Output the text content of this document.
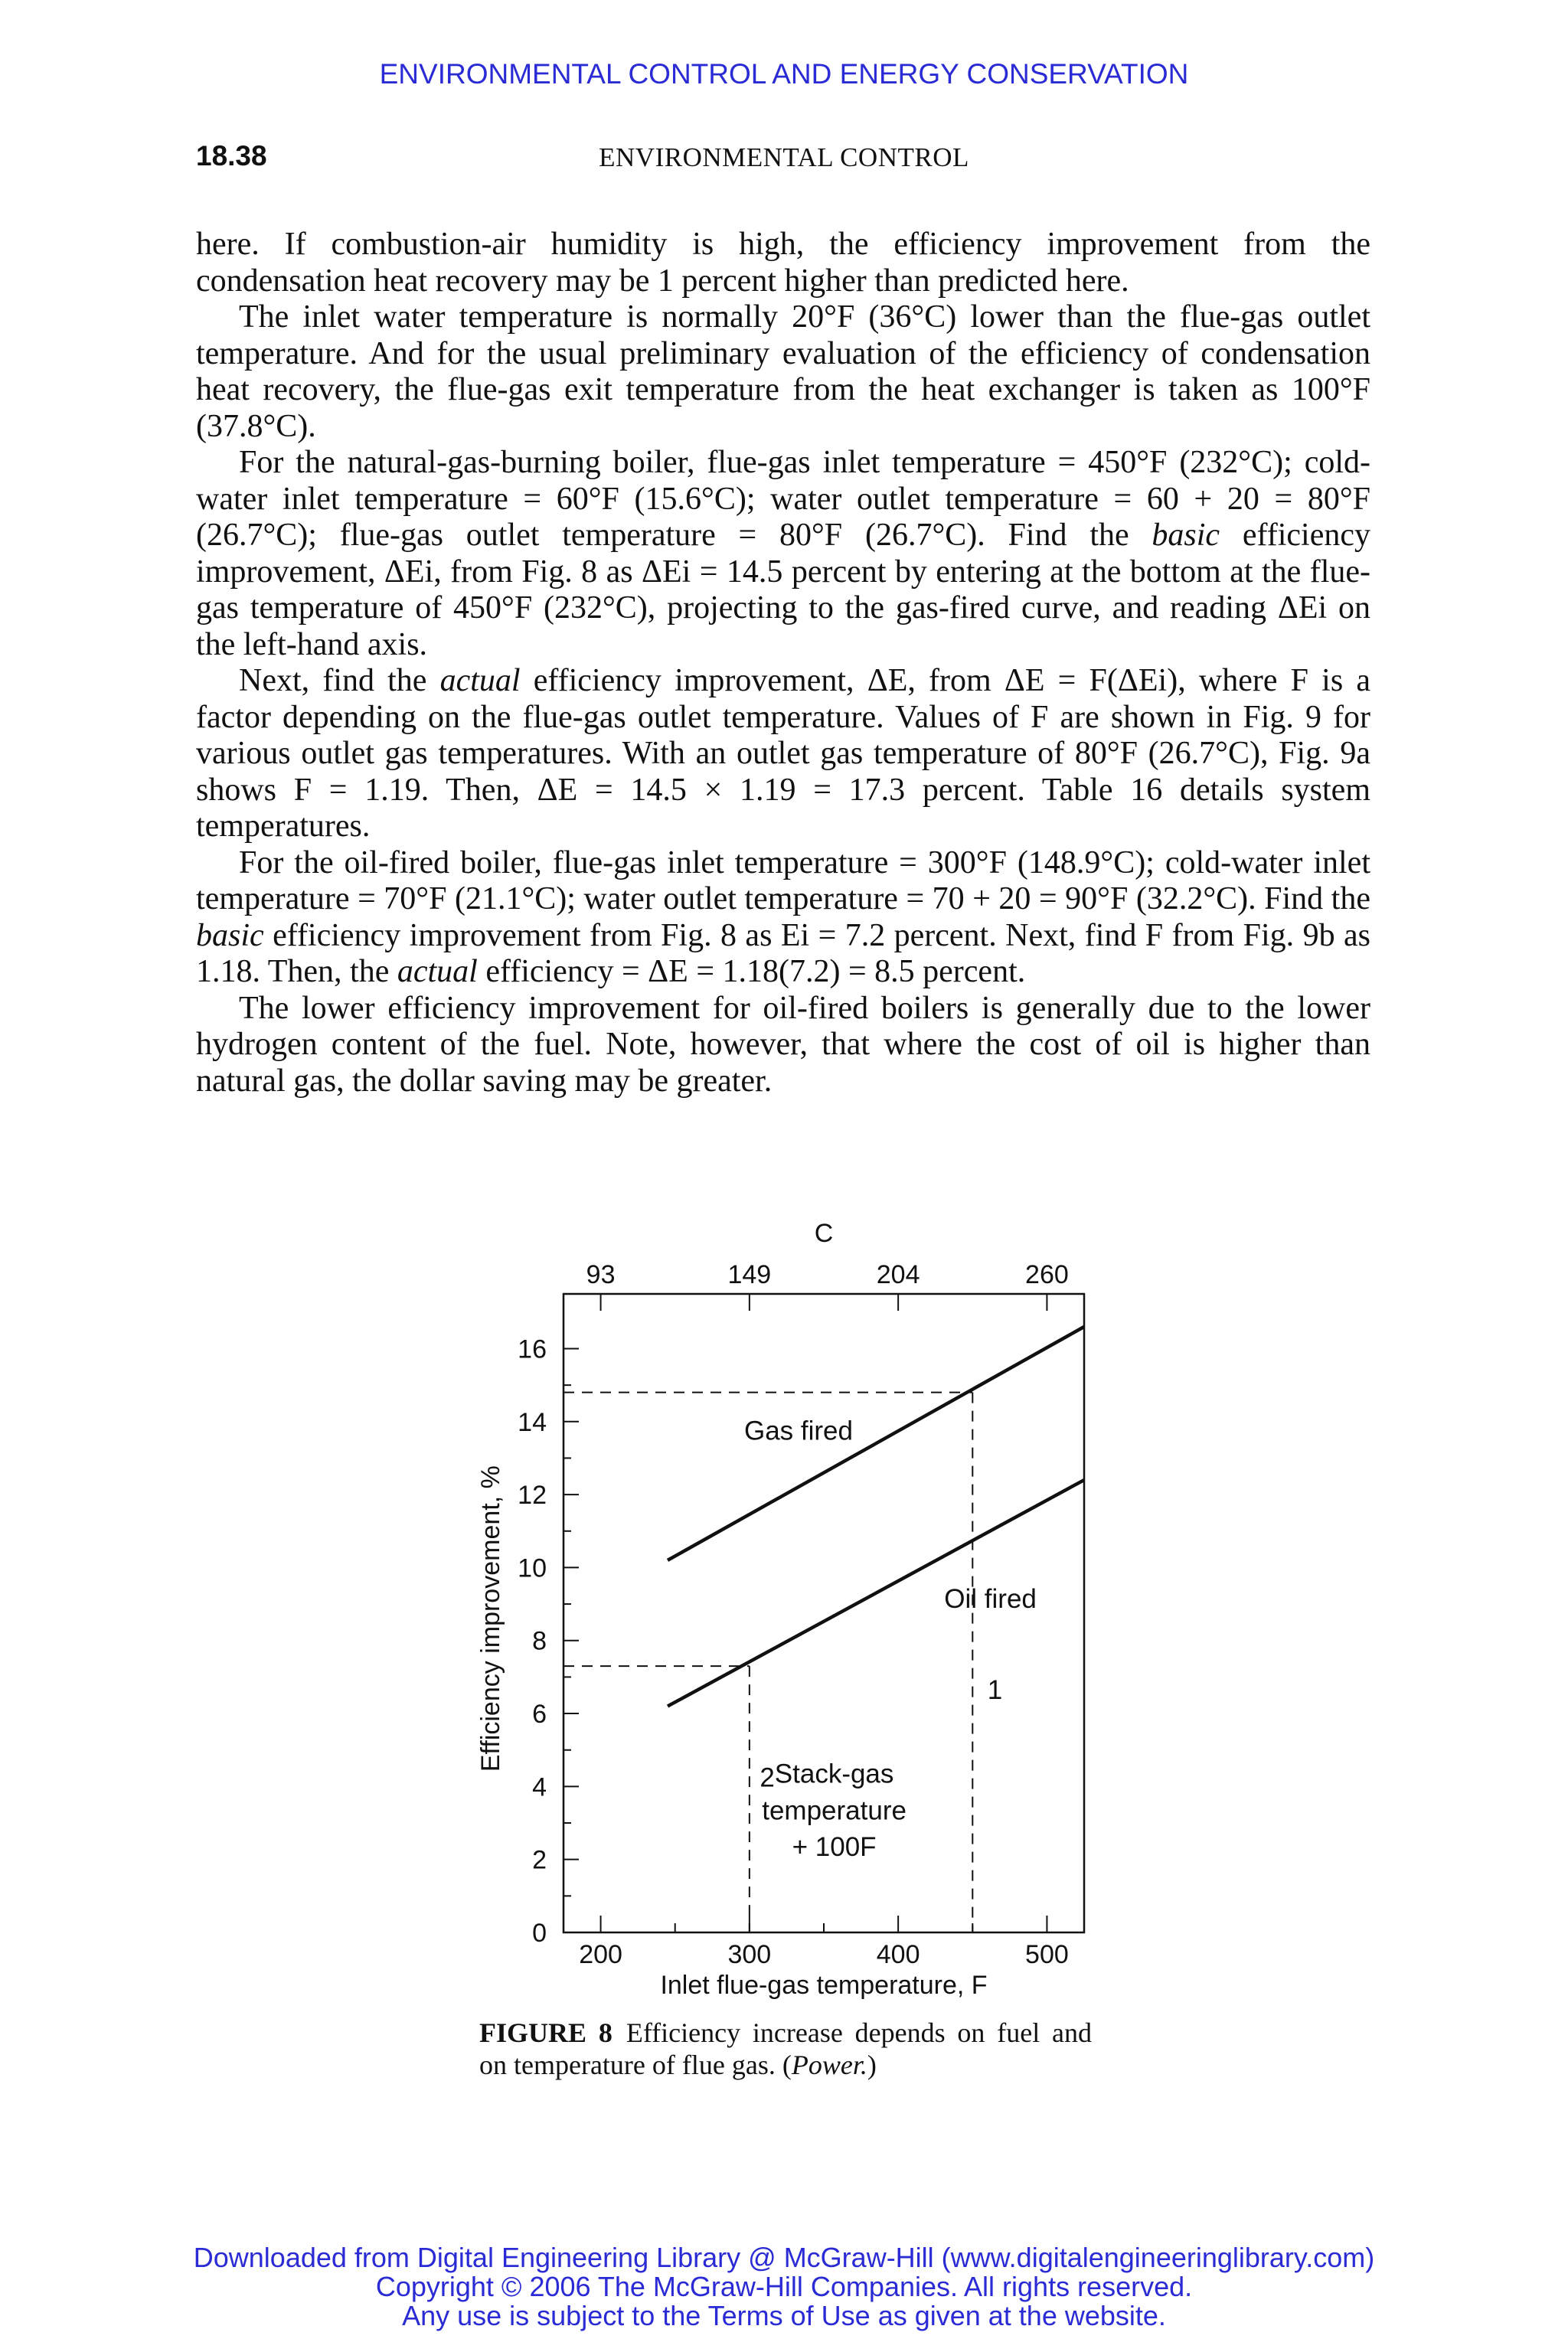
ENVIRONMENTAL CONTROL AND ENERGY CONSERVATION
18.38	ENVIRONMENTAL CONTROL

here. If combustion-air humidity is high, the efficiency improvement from the condensation heat recovery may be 1 percent higher than predicted here.

The inlet water temperature is normally 20°F (36°C) lower than the flue-gas outlet temperature. And for the usual preliminary evaluation of the efficiency of condensation heat recovery, the flue-gas exit temperature from the heat exchanger is taken as 100°F (37.8°C).

For the natural-gas-burning boiler, flue-gas inlet temperature = 450°F (232°C); cold-water inlet temperature = 60°F (15.6°C); water outlet temperature = 60 + 20 = 80°F (26.7°C); flue-gas outlet temperature = 80°F (26.7°C). Find the basic efficiency improvement, ΔEi, from Fig. 8 as ΔEi = 14.5 percent by entering at the bottom at the flue-gas temperature of 450°F (232°C), projecting to the gas-fired curve, and reading ΔEi on the left-hand axis.

Next, find the actual efficiency improvement, ΔE, from ΔE = F(ΔEi), where F is a factor depending on the flue-gas outlet temperature. Values of F are shown in Fig. 9 for various outlet gas temperatures. With an outlet gas temperature of 80°F (26.7°C), Fig. 9a shows F = 1.19. Then, ΔE = 14.5 × 1.19 = 17.3 percent. Table 16 details system temperatures.

For the oil-fired boiler, flue-gas inlet temperature = 300°F (148.9°C); cold-water inlet temperature = 70°F (21.1°C); water outlet temperature = 70 + 20 = 90°F (32.2°C). Find the basic efficiency improvement from Fig. 8 as Ei = 7.2 percent. Next, find F from Fig. 9b as 1.18. Then, the actual efficiency = ΔE = 1.18(7.2) = 8.5 percent.

The lower efficiency improvement for oil-fired boilers is generally due to the lower hydrogen content of the fuel. Note, however, that where the cost of oil is higher than natural gas, the dollar saving may be greater.

0
2
4
6
8
10
12
14
16
200	300	400	500
93	149	204	260
C
Inlet flue-gas temperature, F
Efficiency improvement, %
Gas fired
Oil fired
1
2 Stack-gas
temperature
+ 100F
FIGURE 8 Efficiency increase depends on fuel and on temperature of flue gas. (Power.)
Downloaded from Digital Engineering Library @ McGraw-Hill (www.digitalengineeringlibrary.com)
Copyright © 2006 The McGraw-Hill Companies. All rights reserved.
Any use is subject to the Terms of Use as given at the website.
